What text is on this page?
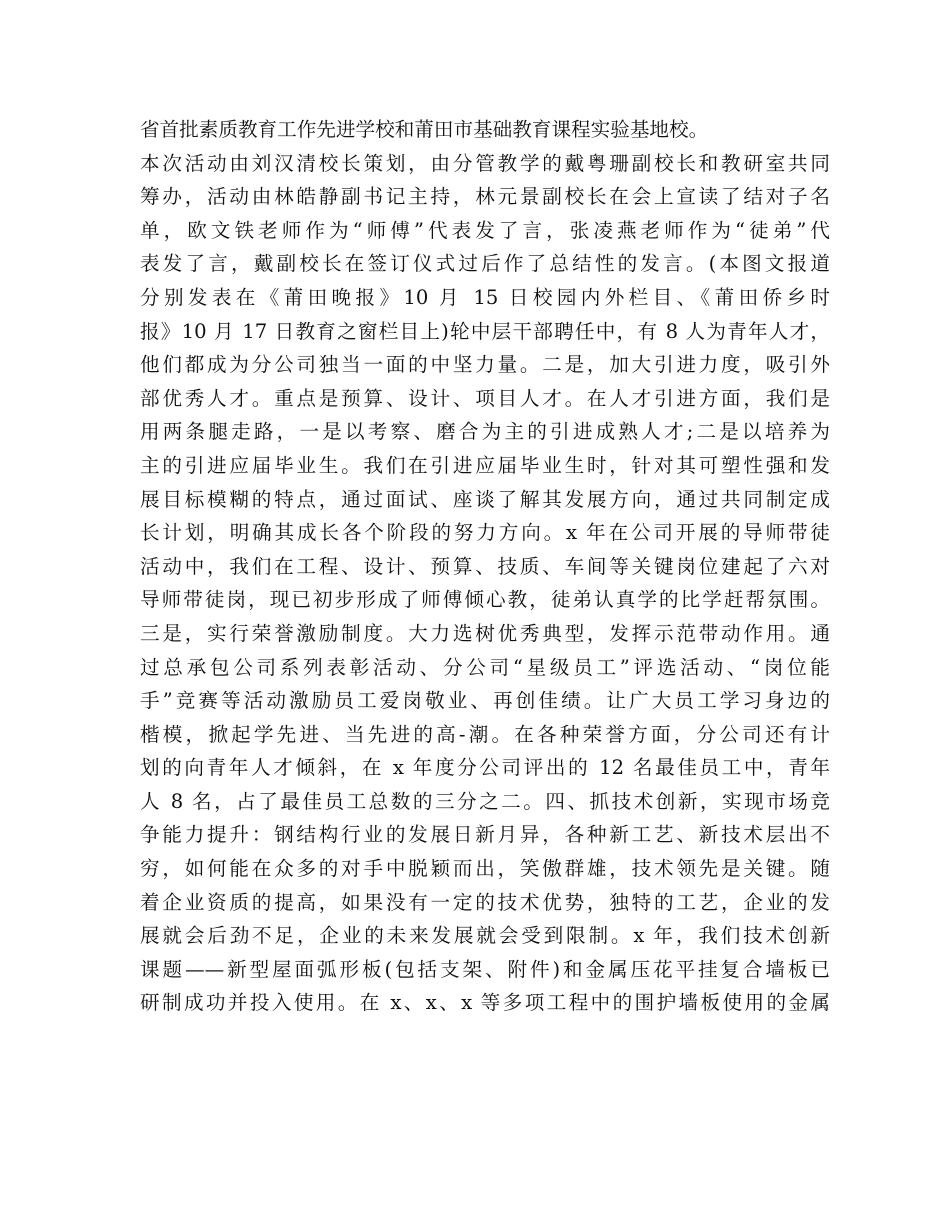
省首批素质教育工作先进学校和莆田市基础教育课程实验基地校。
本次活动由刘汉清校长策划，由分管教学的戴粤珊副校长和教研室共同
筹办，活动由林皓静副书记主持，林元景副校长在会上宣读了结对子名
单，欧文铁老师作为“师傅”代表发了言，张凌燕老师作为“徒弟”代
表发了言，戴副校长在签订仪式过后作了总结性的发言。(本图文报道
分别发表在《莆田晚报》10 月 15 日校园内外栏目、《莆田侨乡时
报》10 月 17 日教育之窗栏目上)轮中层干部聘任中，有 8 人为青年人才，
他们都成为分公司独当一面的中坚力量。二是，加大引进力度，吸引外
部优秀人才。重点是预算、设计、项目人才。在人才引进方面，我们是
用两条腿走路，一是以考察、磨合为主的引进成熟人才;二是以培养为
主的引进应届毕业生。我们在引进应届毕业生时，针对其可塑性强和发
展目标模糊的特点，通过面试、座谈了解其发展方向，通过共同制定成
长计划，明确其成长各个阶段的努力方向。x 年在公司开展的导师带徒
活动中，我们在工程、设计、预算、技质、车间等关键岗位建起了六对
导师带徒岗，现已初步形成了师傅倾心教，徒弟认真学的比学赶帮氛围。
三是，实行荣誉激励制度。大力选树优秀典型，发挥示范带动作用。通
过总承包公司系列表彰活动、分公司“星级员工”评选活动、“岗位能
手”竞赛等活动激励员工爱岗敬业、再创佳绩。让广大员工学习身边的
楷模，掀起学先进、当先进的高-潮。在各种荣誉方面，分公司还有计
划的向青年人才倾斜，在 x 年度分公司评出的 12 名最佳员工中，青年
人 8 名，占了最佳员工总数的三分之二。四、抓技术创新，实现市场竞
争能力提升：钢结构行业的发展日新月异，各种新工艺、新技术层出不
穷，如何能在众多的对手中脱颖而出，笑傲群雄，技术领先是关键。随
着企业资质的提高，如果没有一定的技术优势，独特的工艺，企业的发
展就会后劲不足，企业的未来发展就会受到限制。x 年，我们技术创新
课题——新型屋面弧形板(包括支架、附件)和金属压花平挂复合墙板已
研制成功并投入使用。在 x、x、x 等多项工程中的围护墙板使用的金属
